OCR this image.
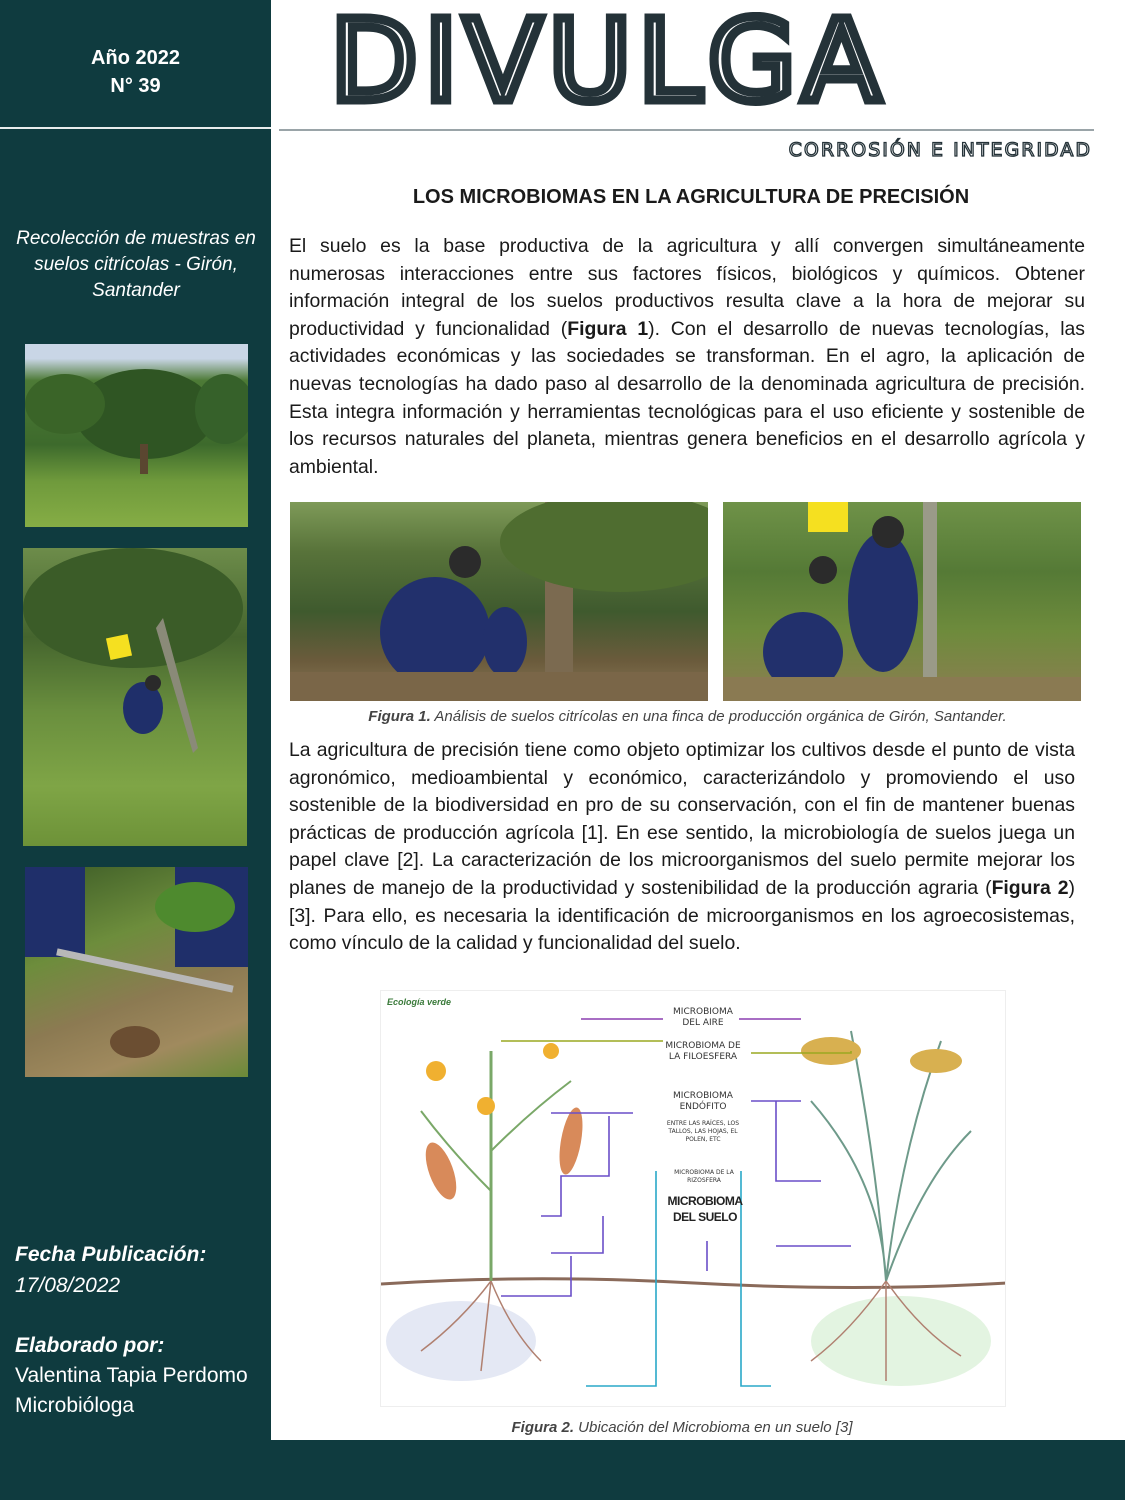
Año 2022
N° 39
Recolección de muestras en suelos citrícolas - Girón, Santander
Fecha Publicación:
17/08/2022
Elaborado por:
Valentina Tapia Perdomo
Microbióloga
DIVULGA
CORROSIÓN E INTEGRIDAD
LOS MICROBIOMAS EN LA AGRICULTURA DE PRECISIÓN

El suelo es la base productiva de la agricultura y allí convergen simultáneamente numerosas interacciones entre sus factores físicos, biológicos y químicos. Obtener información integral de los suelos productivos resulta clave a la hora de mejorar su productividad y funcionalidad (Figura 1). Con el desarrollo de nuevas tecnologías, las actividades económicas y las sociedades se transforman. En el agro, la aplicación de nuevas tecnologías ha dado paso al desarrollo de la denominada agricultura de precisión. Esta integra información y herramientas tecnológicas para el uso eficiente y sostenible de los recursos naturales del planeta, mientras genera beneficios en el desarrollo agrícola y ambiental.

Figura 1. Análisis de suelos citrícolas en una finca de producción orgánica de Girón, Santander.

La agricultura de precisión tiene como objeto optimizar los cultivos desde el punto de vista agronómico, medioambiental y económico, caracterizándolo y promoviendo el uso sostenible de la biodiversidad en pro de su conservación, con el fin de mantener buenas prácticas de producción agrícola [1]. En ese sentido, la microbiología de suelos juega un papel clave [2]. La caracterización de los microorganismos del suelo permite mejorar los planes de manejo de la productividad y sostenibilidad de la producción agraria (Figura 2) [3]. Para ello, es necesaria la identificación de microorganismos en los agroecosistemas, como vínculo de la calidad y funcionalidad del suelo.

Ecología verde
MICROBIOMA DEL AIRE
MICROBIOMA DE LA FILOESFERA
MICROBIOMA ENDÓFITO
ENTRE LAS RAÍCES, LOS TALLOS, LAS HOJAS, EL POLEN, ETC
MICROBIOMA DE LA RIZOSFERA
MICROBIOMA DEL SUELO
Figura 2. Ubicación del Microbioma en un suelo [3]
